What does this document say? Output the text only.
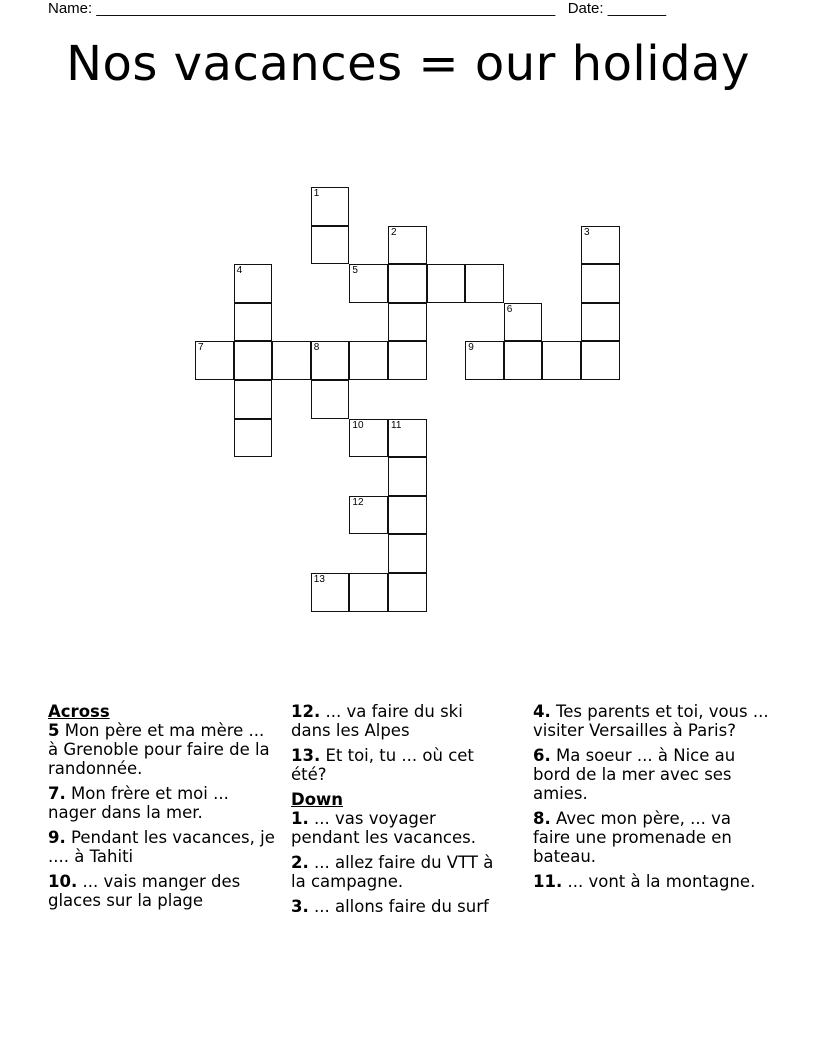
Name: _______________________________________________________ Date: _______
Nos vacances = our holiday
1
2	3
4	5
6
7	8	9
10	11
12
13
Across
5 Mon père et ma mère ... à Grenoble pour faire de la randonnée.
7. Mon frère et moi ... nager dans la mer.
9. Pendant les vacances, je .... à Tahiti
10. ... vais manger des glaces sur la plage
12. ... va faire du ski dans les Alpes
13. Et toi, tu ... où cet été?
Down
1. ... vas voyager pendant les vacances.
2. ... allez faire du VTT à la campagne.
3. ... allons faire du surf
4. Tes parents et toi, vous ... visiter Versailles à Paris?
6. Ma soeur ... à Nice au bord de la mer avec ses amies.
8. Avec mon père, ... va faire une promenade en bateau.
11. ... vont à la montagne.
